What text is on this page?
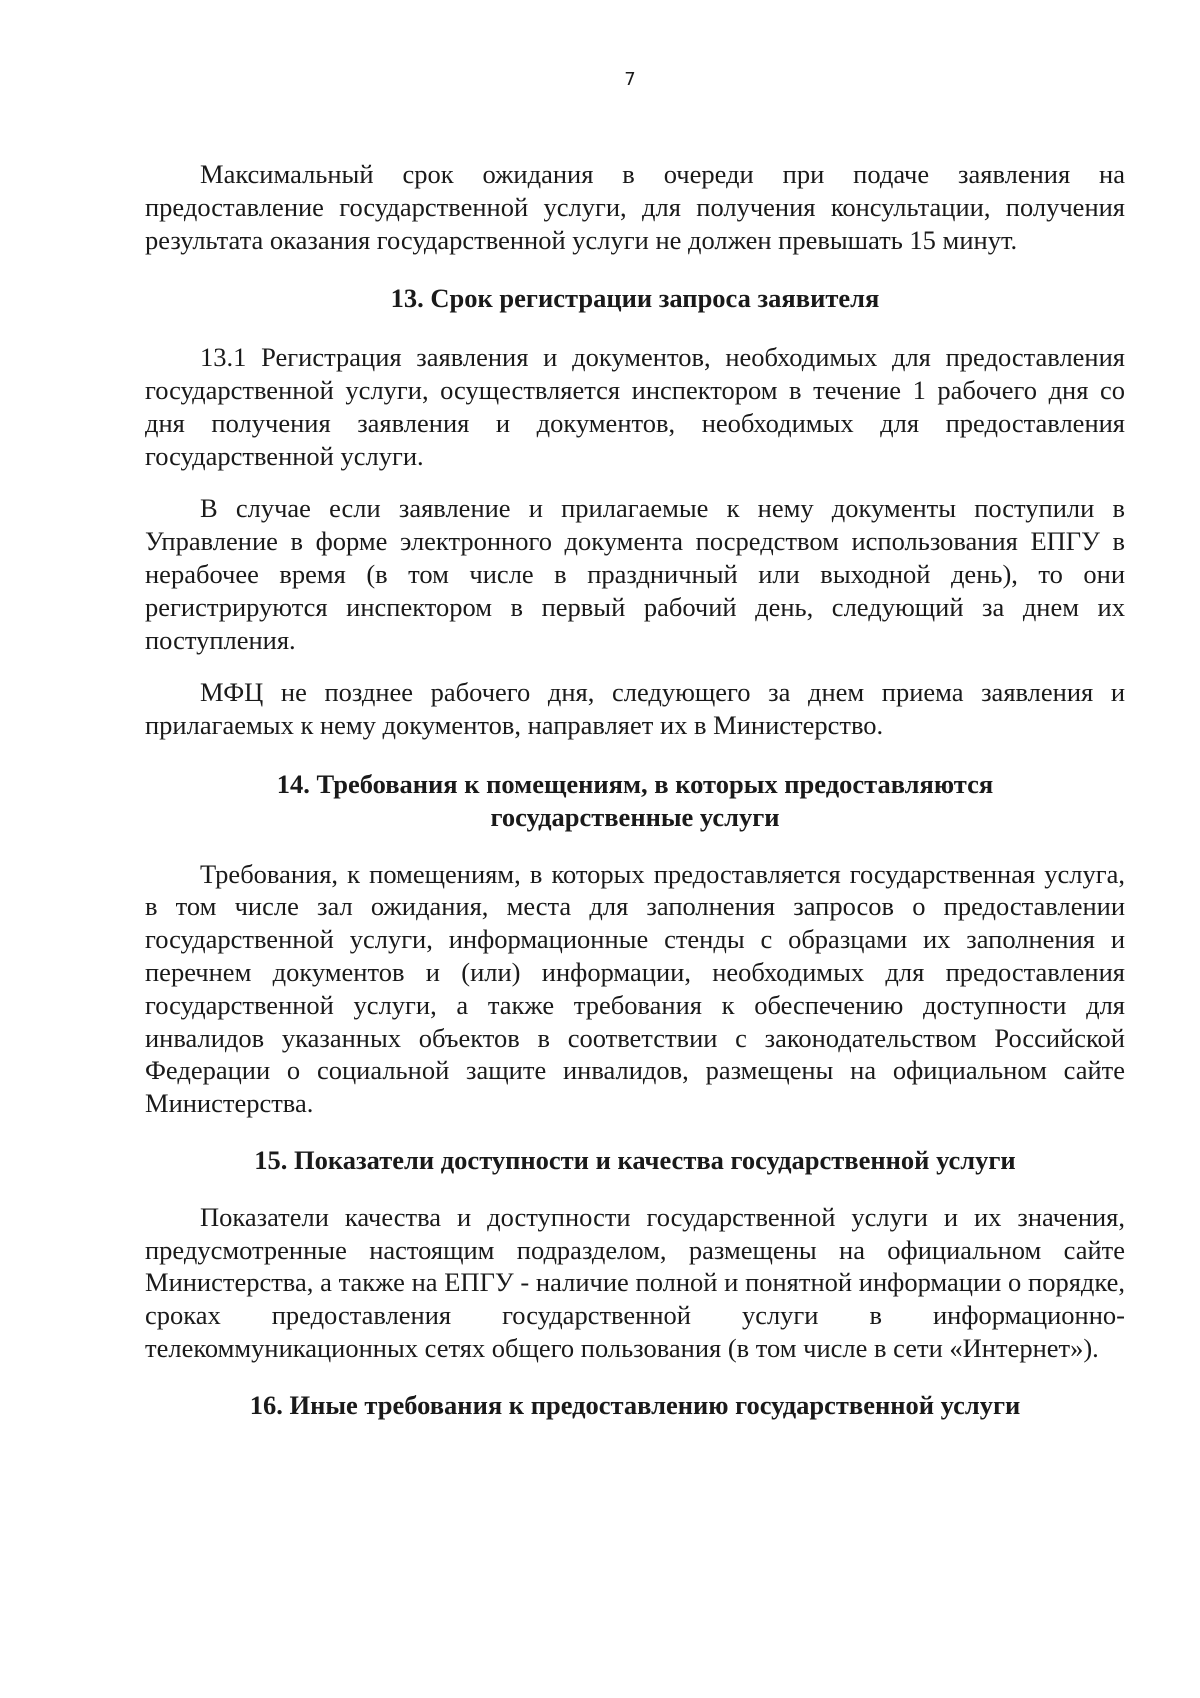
7

Максимальный срок ожидания в очереди при подаче заявления на предоставление государственной услуги, для получения консультации, получения результата оказания государственной услуги не должен превышать 15 минут.

13. Срок регистрации запроса заявителя

13.1 Регистрация заявления и документов, необходимых для предоставления государственной услуги, осуществляется инспектором в течение 1 рабочего дня со дня получения заявления и документов, необходимых для предоставления государственной услуги.

В случае если заявление и прилагаемые к нему документы поступили в Управление в форме электронного документа посредством использования ЕПГУ в нерабочее время (в том числе в праздничный или выходной день), то они регистрируются инспектором в первый рабочий день, следующий за днем их поступления.

МФЦ не позднее рабочего дня, следующего за днем приема заявления и прилагаемых к нему документов, направляет их в Министерство.

14. Требования к помещениям, в которых предоставляются

государственные услуги

Требования, к помещениям, в которых предоставляется государственная услуга, в том числе зал ожидания, места для заполнения запросов о предоставлении государственной услуги, информационные стенды с образцами их заполнения и перечнем документов и (или) информации, необходимых для предоставления государственной услуги, а также требования к обеспечению доступности для инвалидов указанных объектов в соответствии с законодательством Российской Федерации о социальной защите инвалидов, размещены на официальном сайте Министерства.

15. Показатели доступности и качества государственной услуги

Показатели качества и доступности государственной услуги и их значения, предусмотренные настоящим подразделом, размещены на официальном сайте Министерства, а также на ЕПГУ - наличие полной и понятной информации о порядке, сроках предоставления государственной услуги в информационно-телекоммуникационных сетях общего пользования (в том числе в сети «Интернет»).

16. Иные требования к предоставлению государственной услуги
